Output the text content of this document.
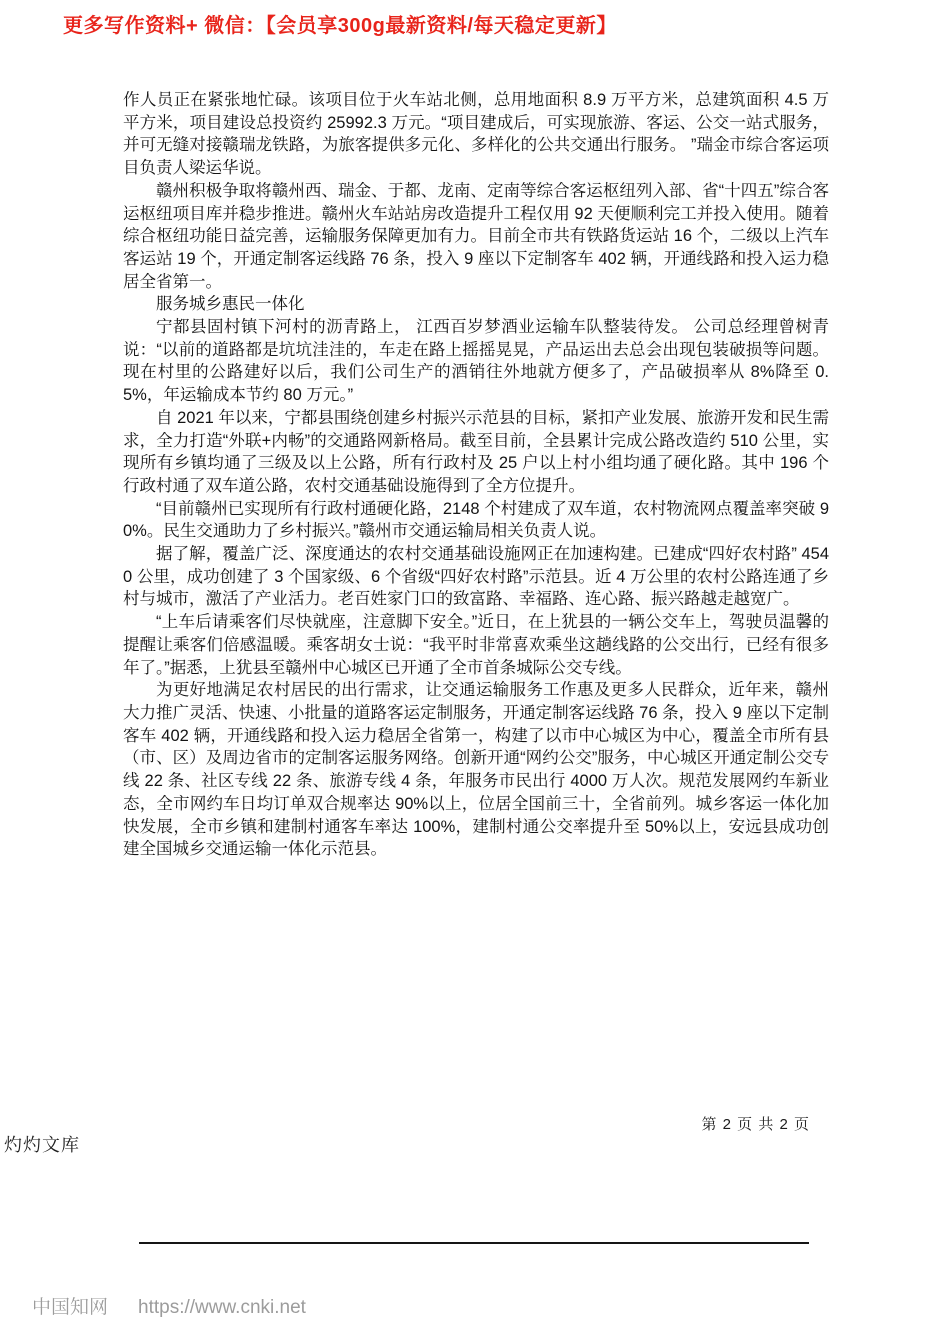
更多写作资料+ 微信：【会员享300g最新资料/每天稳定更新】

作人员正在紧张地忙碌。该项目位于火车站北侧，总用地面积 8.9 万平方米，总建筑面积 4.5 万平方米，项目建设总投资约 25992.3 万元。“项目建成后，可实现旅游、客运、公交一站式服务，并可无缝对接赣瑞龙铁路，为旅客提供多元化、多样化的公共交通出行服务。 ”瑞金市综合客运项目负责人梁运华说。

赣州积极争取将赣州西、瑞金、于都、龙南、定南等综合客运枢纽列入部、省“十四五”综合客运枢纽项目库并稳步推进。赣州火车站站房改造提升工程仅用 92 天便顺利完工并投入使用。随着综合枢纽功能日益完善，运输服务保障更加有力。目前全市共有铁路货运站 16 个，二级以上汽车客运站 19 个，开通定制客运线路 76 条，投入 9 座以下定制客车 402 辆，开通线路和投入运力稳居全省第一。

服务城乡惠民一体化

宁都县固村镇下河村的沥青路上， 江西百岁梦酒业运输车队整装待发。 公司总经理曾树青说：“以前的道路都是坑坑洼洼的，车走在路上摇摇晃晃，产品运出去总会出现包装破损等问题。现在村里的公路建好以后，我们公司生产的酒销往外地就方便多了，产品破损率从 8%降至 0.5%，年运输成本节约 80 万元。”

自 2021 年以来，宁都县围绕创建乡村振兴示范县的目标，紧扣产业发展、旅游开发和民生需求，全力打造“外联+内畅”的交通路网新格局。截至目前，全县累计完成公路改造约 510 公里，实现所有乡镇均通了三级及以上公路，所有行政村及 25 户以上村小组均通了硬化路。其中 196 个行政村通了双车道公路，农村交通基础设施得到了全方位提升。

“目前赣州已实现所有行政村通硬化路，2148 个村建成了双车道，农村物流网点覆盖率突破 90%。民生交通助力了乡村振兴。”赣州市交通运输局相关负责人说。

据了解，覆盖广泛、深度通达的农村交通基础设施网正在加速构建。已建成“四好农村路” 4540 公里，成功创建了 3 个国家级、6 个省级“四好农村路”示范县。近 4 万公里的农村公路连通了乡村与城市，激活了产业活力。老百姓家门口的致富路、幸福路、连心路、振兴路越走越宽广。

“上车后请乘客们尽快就座，注意脚下安全。”近日，在上犹县的一辆公交车上，驾驶员温馨的提醒让乘客们倍感温暖。乘客胡女士说：“我平时非常喜欢乘坐这趟线路的公交出行，已经有很多年了。”据悉，上犹县至赣州中心城区已开通了全市首条城际公交专线。

为更好地满足农村居民的出行需求，让交通运输服务工作惠及更多人民群众，近年来，赣州大力推广灵活、快速、小批量的道路客运定制服务，开通定制客运线路 76 条，投入 9 座以下定制客车 402 辆，开通线路和投入运力稳居全省第一，构建了以市中心城区为中心，覆盖全市所有县（市、区）及周边省市的定制客运服务网络。创新开通“网约公交”服务，中心城区开通定制公交专线 22 条、社区专线 22 条、旅游专线 4 条，年服务市民出行 4000 万人次。规范发展网约车新业态，全市网约车日均订单双合规率达 90%以上，位居全国前三十，全省前列。城乡客运一体化加快发展，全市乡镇和建制村通客车率达 100%，建制村通公交率提升至 50%以上，安远县成功创建全国城乡交通运输一体化示范县。

第 2 页 共 2 页
灼灼文库
中国知网 https://www.cnki.net
